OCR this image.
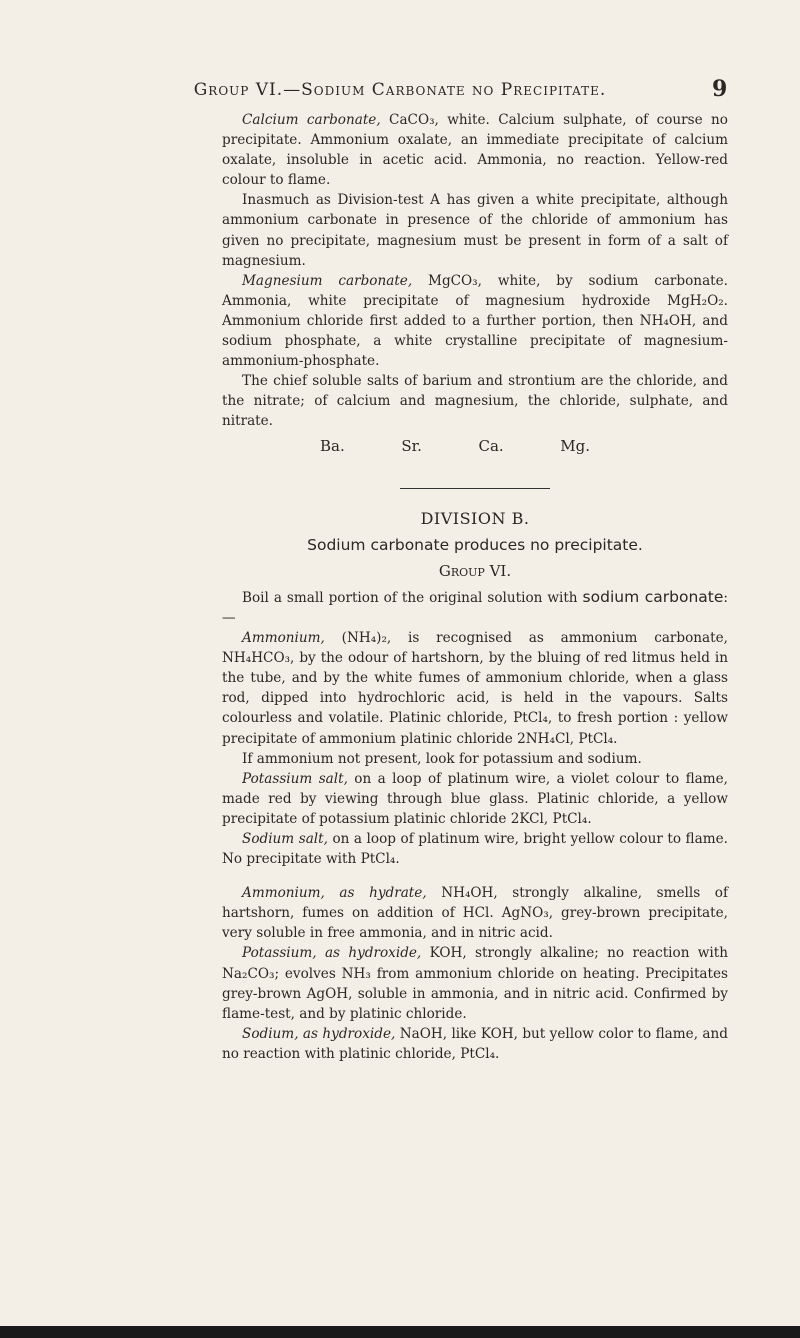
Group VI.—Sodium Carbonate no Precipitate.	9

Calcium carbonate, CaCO₃, white. Calcium sulphate, of course no precipitate. Ammonium oxalate, an immediate precipitate of calcium oxalate, insoluble in acetic acid. Ammonia, no reaction. Yellow-red colour to flame.

Inasmuch as Division-test A has given a white precipitate, although ammonium carbonate in presence of the chloride of ammonium has given no precipitate, magnesium must be present in form of a salt of magnesium.

Magnesium carbonate, MgCO₃, white, by sodium carbonate. Ammonia, white precipitate of magnesium hydroxide MgH₂O₂. Ammonium chloride first added to a further portion, then NH₄OH, and sodium phosphate, a white crystalline precipitate of magnesium-ammonium-phosphate.

The chief soluble salts of barium and strontium are the chloride, and the nitrate; of calcium and magnesium, the chloride, sulphate, and nitrate.

Ba.	Sr.	Ca.	Mg.
DIVISION B.
Sodium carbonate produces no precipitate.
Group VI.

Boil a small portion of the original solution with sodium carbonate:—

Ammonium, (NH₄)₂, is recognised as ammonium carbonate, NH₄HCO₃, by the odour of hartshorn, by the bluing of red litmus held in the tube, and by the white fumes of ammonium chloride, when a glass rod, dipped into hydrochloric acid, is held in the vapours. Salts colourless and volatile. Platinic chloride, PtCl₄, to fresh portion : yellow precipitate of ammonium platinic chloride 2NH₄Cl, PtCl₄.

If ammonium not present, look for potassium and sodium.

Potassium salt, on a loop of platinum wire, a violet colour to flame, made red by viewing through blue glass. Platinic chloride, a yellow precipitate of potassium platinic chloride 2KCl, PtCl₄.

Sodium salt, on a loop of platinum wire, bright yellow colour to flame. No precipitate with PtCl₄.

Ammonium, as hydrate, NH₄OH, strongly alkaline, smells of hartshorn, fumes on addition of HCl. AgNO₃, grey-brown precipitate, very soluble in free ammonia, and in nitric acid.

Potassium, as hydroxide, KOH, strongly alkaline; no reaction with Na₂CO₃; evolves NH₃ from ammonium chloride on heating. Precipitates grey-brown AgOH, soluble in ammonia, and in nitric acid. Confirmed by flame-test, and by platinic chloride.

Sodium, as hydroxide, NaOH, like KOH, but yellow color to flame, and no reaction with platinic chloride, PtCl₄.
